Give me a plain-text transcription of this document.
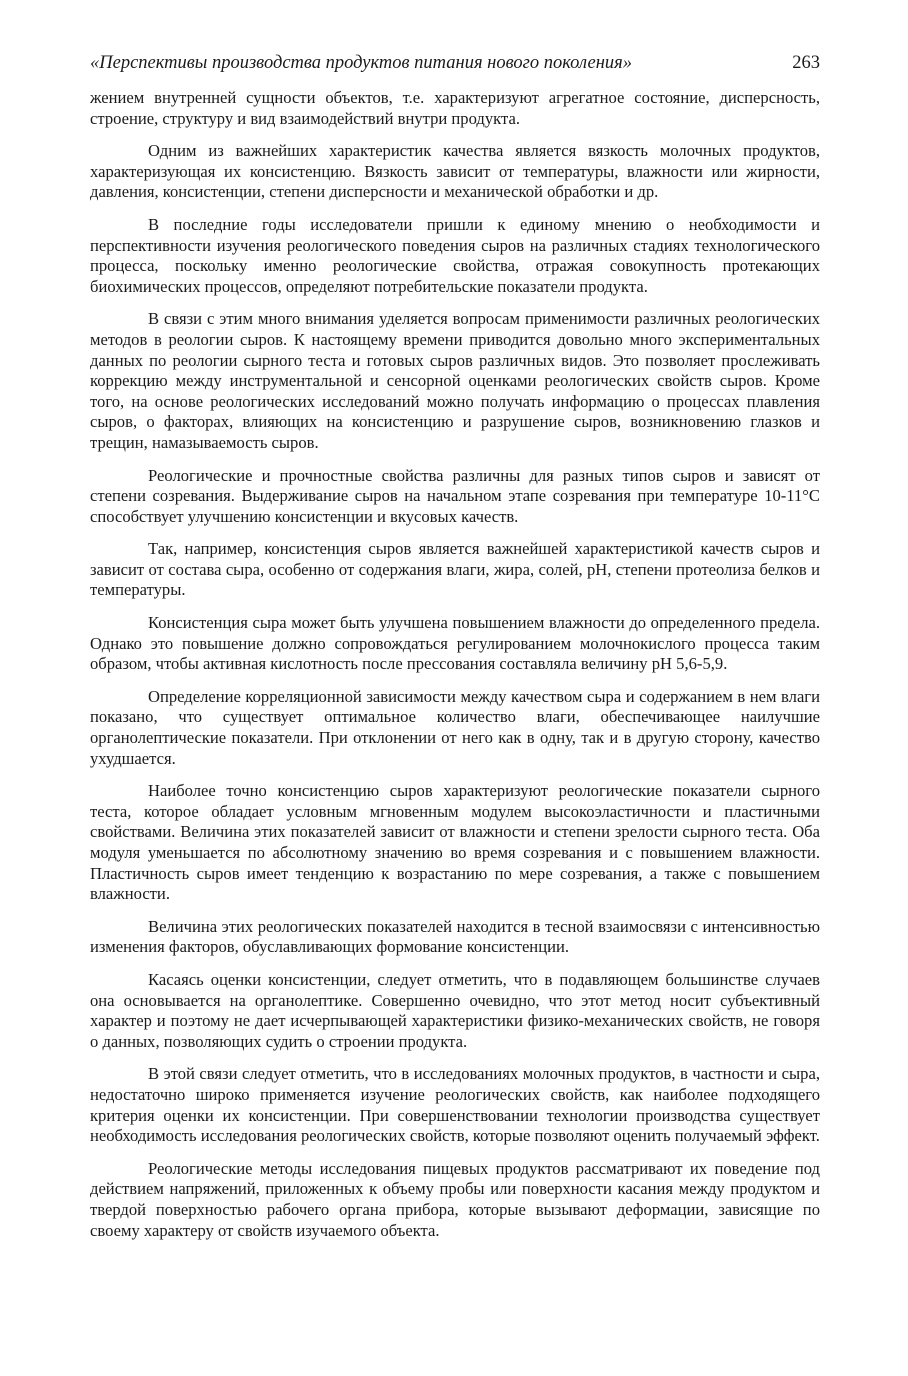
«Перспективы производства продуктов питания нового поколения»	263

жением внутренней сущности объектов, т.е. характеризуют агрегатное состояние, дисперсность, строение, структуру и вид взаимодействий внутри продукта.

Одним из важнейших характеристик качества является вязкость молочных продуктов, характеризующая их консистенцию. Вязкость зависит от температуры, влажности или жирности, давления, консистенции, степени дисперсности и механической обработки и др.

В последние годы исследователи пришли к единому мнению о необходимости и перспективности изучения реологического поведения сыров на различных стадиях технологического процесса, поскольку именно реологические свойства, отражая совокупность протекающих биохимических процессов, определяют потребительские показатели продукта.

В связи с этим много внимания уделяется вопросам применимости различных реологических методов в реологии сыров. К настоящему времени приводится довольно много экспериментальных данных по реологии сырного теста и готовых сыров различных видов. Это позволяет прослеживать коррекцию между инструментальной и сенсорной оценками реологических свойств сыров. Кроме того, на основе реологических исследований можно получать информацию о процессах плавления сыров, о факторах, влияющих на консистенцию и разрушение сыров, возникновению глазков и трещин, намазываемость сыров.

Реологические и прочностные свойства различны для разных типов сыров и зависят от степени созревания. Выдерживание сыров на начальном этапе созревания при температуре 10-11°С способствует улучшению консистенции и вкусовых качеств.

Так, например, консистенция сыров является важнейшей характеристикой качеств сыров и зависит от состава сыра, особенно от содержания влаги, жира, солей, pH, степени протеолиза белков и температуры.

Консистенция сыра может быть улучшена повышением влажности до определенного предела. Однако это повышение должно сопровождаться регулированием молочнокислого процесса таким образом, чтобы активная кислотность после прессования составляла величину pH 5,6-5,9.

Определение корреляционной зависимости между качеством сыра и содержанием в нем влаги показано, что существует оптимальное количество влаги, обеспечивающее наилучшие органолептические показатели. При отклонении от него как в одну, так и в другую сторону, качество ухудшается.

Наиболее точно консистенцию сыров характеризуют реологические показатели сырного теста, которое обладает условным мгновенным модулем высокоэластичности и пластичными свойствами. Величина этих показателей зависит от влажности и степени зрелости сырного теста. Оба модуля уменьшается по абсолютному значению во время созревания и с повышением влажности. Пластичность сыров имеет тенденцию к возрастанию по мере созревания, а также с повышением влажности.

Величина этих реологических показателей находится в тесной взаимосвязи с интенсивностью изменения факторов, обуславливающих формование консистенции.

Касаясь оценки консистенции, следует отметить, что в подавляющем большинстве случаев она основывается на органолептике. Совершенно очевидно, что этот метод носит субъективный характер и поэтому не дает исчерпывающей характеристики физико-механических свойств, не говоря о данных, позволяющих судить о строении продукта.

В этой связи следует отметить, что в исследованиях молочных продуктов, в частности и сыра, недостаточно широко применяется изучение реологических свойств, как наиболее подходящего критерия оценки их консистенции. При совершенствовании технологии производства существует необходимость исследования реологических свойств, которые позволяют оценить получаемый эффект.

Реологические методы исследования пищевых продуктов рассматривают их поведение под действием напряжений, приложенных к объему пробы или поверхности касания между продуктом и твердой поверхностью рабочего органа прибора, которые вызывают деформации, зависящие по своему характеру от свойств изучаемого объекта.
